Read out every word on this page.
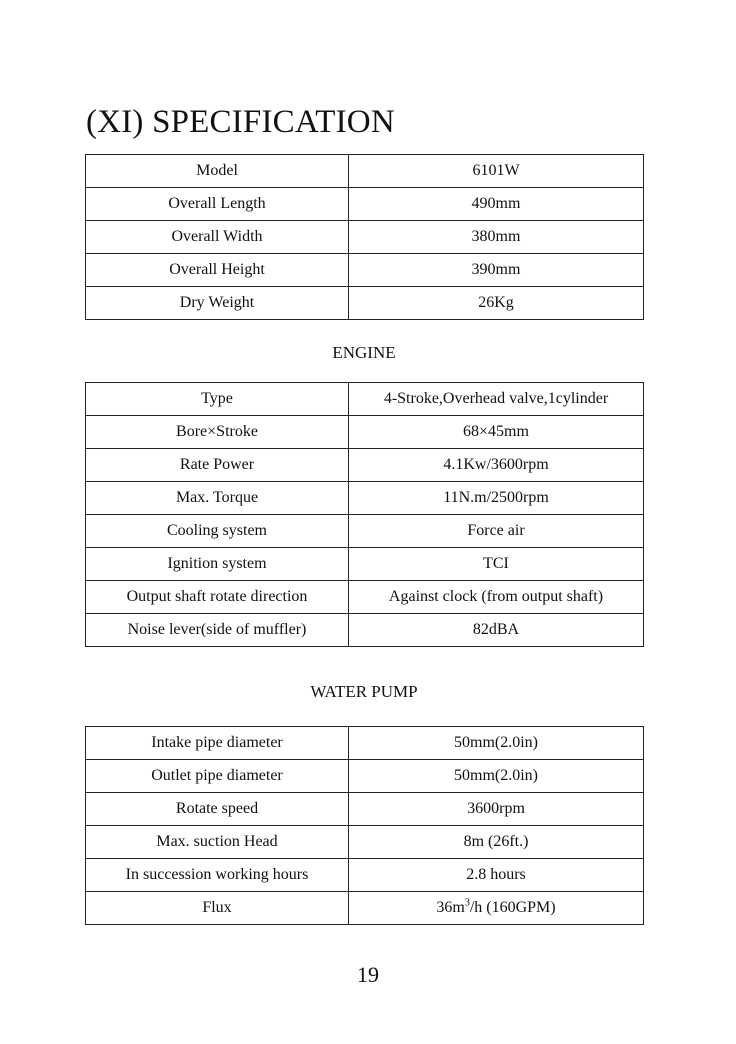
(XI) SPECIFICATION
Model	6101W
Overall Length	490mm
Overall Width	380mm
Overall Height	390mm
Dry Weight	26Kg
ENGINE
Type	4-Stroke,Overhead valve,1cylinder
Bore×Stroke	68×45mm
Rate Power	4.1Kw/3600rpm
Max. Torque	11N.m/2500rpm
Cooling system	Force air
Ignition system	TCI
Output shaft rotate direction	Against clock (from output shaft)
Noise lever(side of muffler)	82dBA
WATER PUMP
Intake pipe diameter	50mm(2.0in)
Outlet pipe diameter	50mm(2.0in)
Rotate speed	3600rpm
Max. suction Head	8m (26ft.)
In succession working hours	2.8 hours
Flux	$36m^3/h$ (160GPM)
19
